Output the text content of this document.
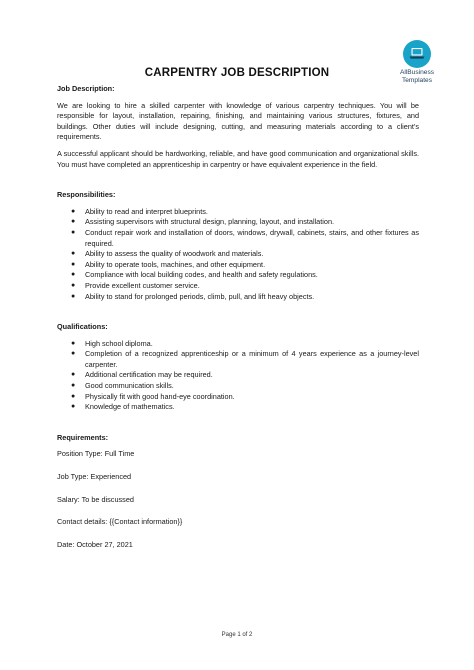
AllBusiness
Templates
CARPENTRY JOB DESCRIPTION

Job Description:

We are looking to hire a skilled carpenter with knowledge of various carpentry techniques. You will be responsible for layout, installation, repairing, finishing, and maintaining various structures, fixtures, and buildings. Other duties will include designing, cutting, and measuring materials according to a client's requirements.

A successful applicant should be hardworking, reliable, and have good communication and organizational skills. You must have completed an apprenticeship in carpentry or have equivalent experience in the field.

Responsibilities:

● Ability to read and interpret blueprints.
● Assisting supervisors with structural design, planning, layout, and installation.
● Conduct repair work and installation of doors, windows, drywall, cabinets, stairs, and other fixtures as required.
● Ability to assess the quality of woodwork and materials.
● Ability to operate tools, machines, and other equipment.
● Compliance with local building codes, and health and safety regulations.
● Provide excellent customer service.
● Ability to stand for prolonged periods, climb, pull, and lift heavy objects.

Qualifications:

● High school diploma.
● Completion of a recognized apprenticeship or a minimum of 4 years experience as a journey-level carpenter.
● Additional certification may be required.
● Good communication skills.
● Physically fit with good hand-eye coordination.
● Knowledge of mathematics.

Requirements:

Position Type: Full Time

Job Type: Experienced

Salary: To be discussed

Contact details: {{Contact information}}

Date: October 27, 2021

Page 1 of 2
